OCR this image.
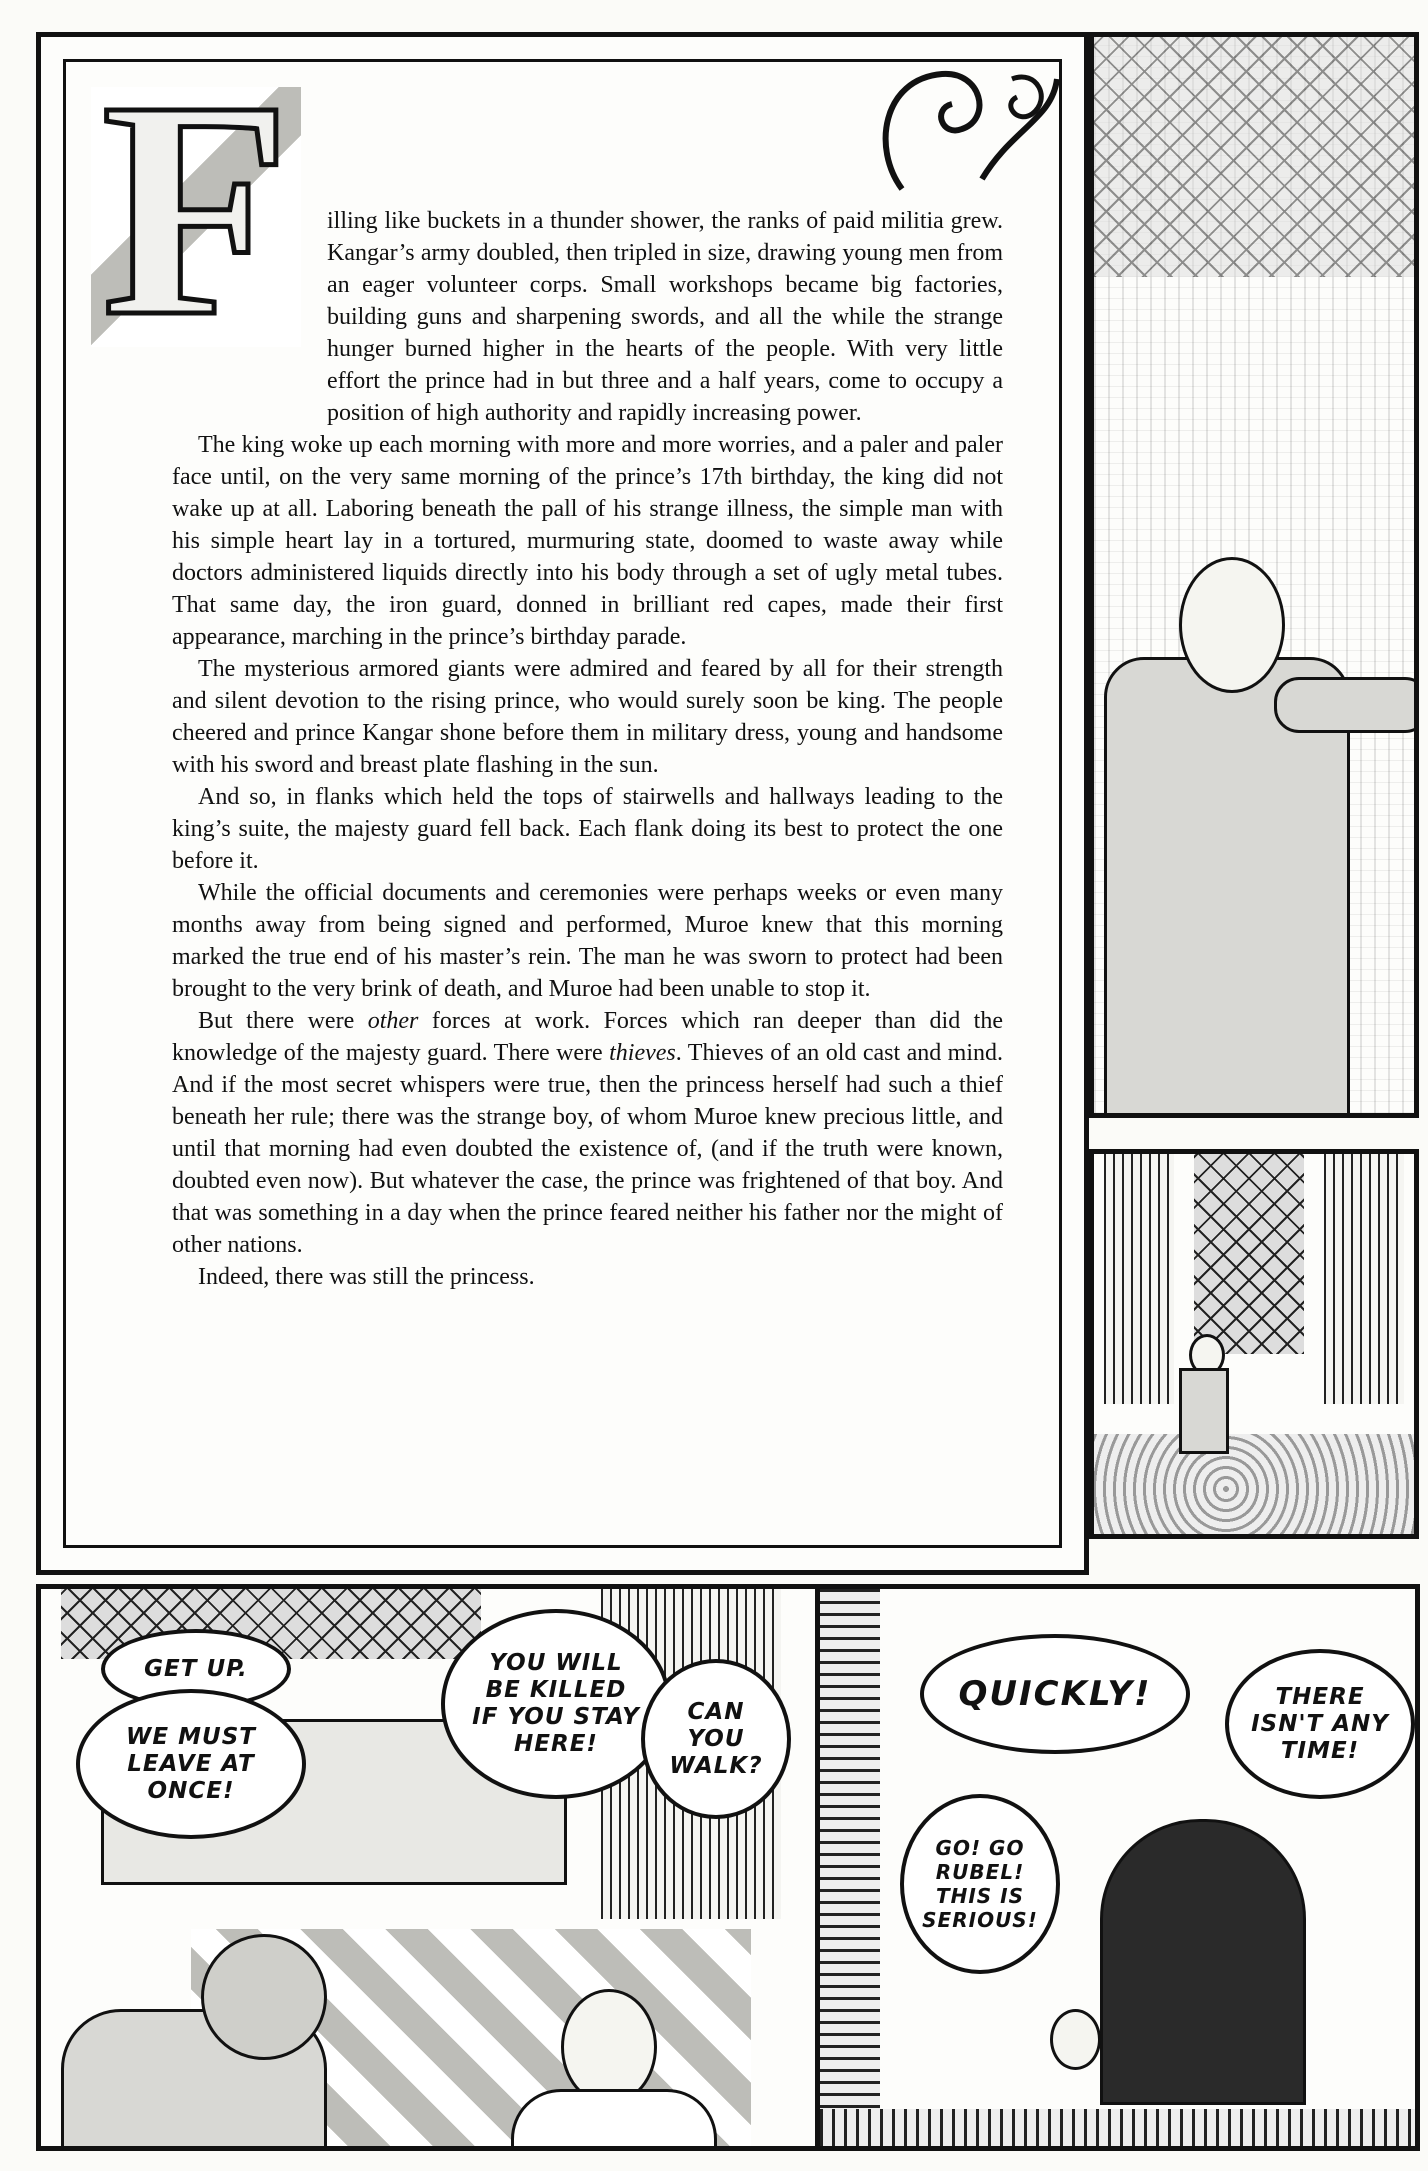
F	illing like buckets in a thunder shower, the ranks of paid militia grew. Kangar’s army doubled, then tripled in size, drawing young men from an eager volunteer corps. Small workshops became big factories, building guns and sharpening swords, and all the while the strange hunger burned higher in the hearts of the people. With very little effort the prince had in but three and a half years, come to occupy a position of high authority and rapidly increasing power.

The king woke up each morning with more and more worries, and a paler and paler face until, on the very same morning of the prince’s 17th birthday, the king did not wake up at all. Laboring beneath the pall of his strange illness, the simple man with his simple heart lay in a tortured, murmuring state, doomed to waste away while doctors administered liquids directly into his body through a set of ugly metal tubes. That same day, the iron guard, donned in brilliant red capes, made their first appearance, marching in the prince’s birthday parade.

The mysterious armored giants were admired and feared by all for their strength and silent devotion to the rising prince, who would surely soon be king. The people cheered and prince Kangar shone before them in military dress, young and handsome with his sword and breast plate flashing in the sun.

And so, in flanks which held the tops of stairwells and hallways leading to the king’s suite, the majesty guard fell back. Each flank doing its best to protect the one before it.

While the official documents and ceremonies were perhaps weeks or even many months away from being signed and performed, Muroe knew that this morning marked the true end of his master’s rein. The man he was sworn to protect had been brought to the very brink of death, and Muroe had been unable to stop it.

But there were other forces at work. Forces which ran deeper than did the knowledge of the majesty guard. There were thieves. Thieves of an old cast and mind. And if the most secret whispers were true, then the princess herself had such a thief beneath her rule; there was the strange boy, of whom Muroe knew precious little, and until that morning had even doubted the existence of, (and if the truth were known, doubted even now). But whatever the case, the prince was frightened of that boy. And that was something in a day when the prince feared neither his father nor the might of other nations.

Indeed, there was still the princess.

GET UP.
WE MUST
LEAVE AT
ONCE!
YOU WILL
BE KILLED
IF YOU STAY
HERE!
CAN
YOU
WALK?
QUICKLY!	THERE
ISN'T ANY
TIME!
GO! GO
RUBEL!
THIS IS
SERIOUS!
